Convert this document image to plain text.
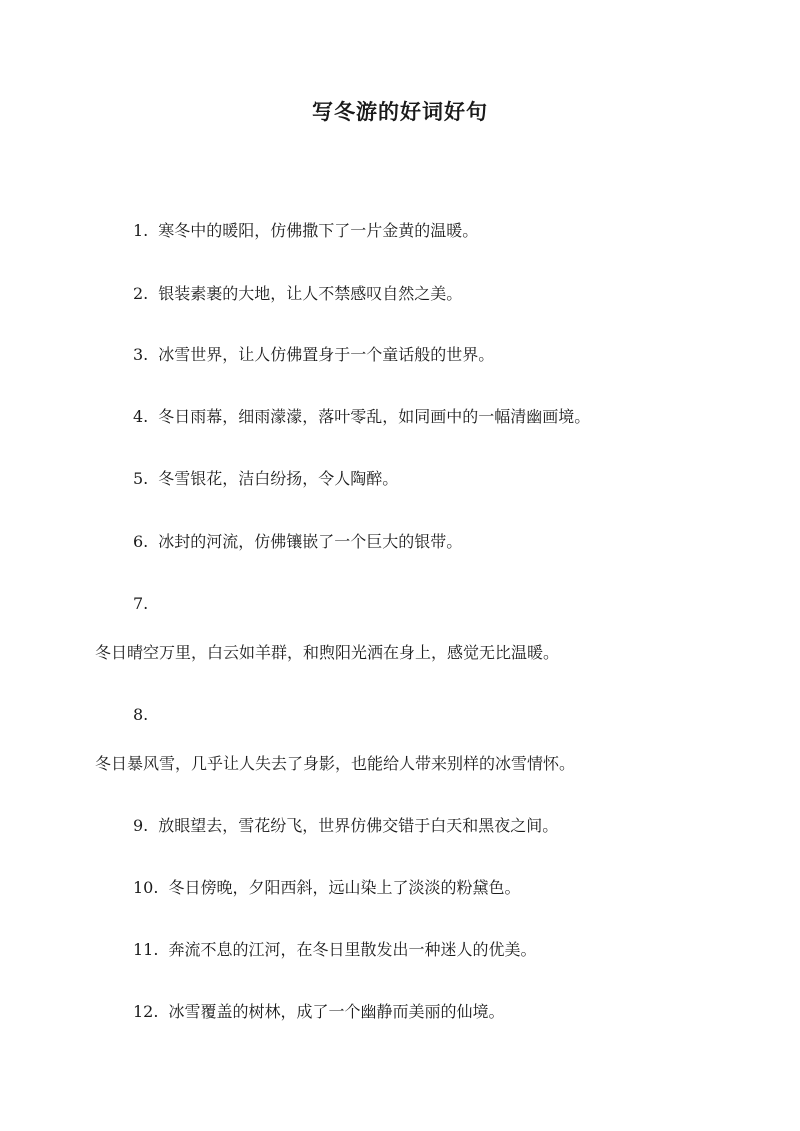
写冬游的好词好句
1. 寒冬中的暖阳，仿佛撒下了一片金黄的温暖。
2. 银装素裹的大地，让人不禁感叹自然之美。
3. 冰雪世界，让人仿佛置身于一个童话般的世界。
4. 冬日雨幕，细雨濛濛，落叶零乱，如同画中的一幅清幽画境。
5. 冬雪银花，洁白纷扬，令人陶醉。
6. 冰封的河流，仿佛镶嵌了一个巨大的银带。
7.
冬日晴空万里，白云如羊群，和煦阳光洒在身上，感觉无比温暖。
8.
冬日暴风雪，几乎让人失去了身影，也能给人带来别样的冰雪情怀。
9. 放眼望去，雪花纷飞，世界仿佛交错于白天和黑夜之间。
10. 冬日傍晚，夕阳西斜，远山染上了淡淡的粉黛色。
11. 奔流不息的江河，在冬日里散发出一种迷人的优美。
12. 冰雪覆盖的树林，成了一个幽静而美丽的仙境。
